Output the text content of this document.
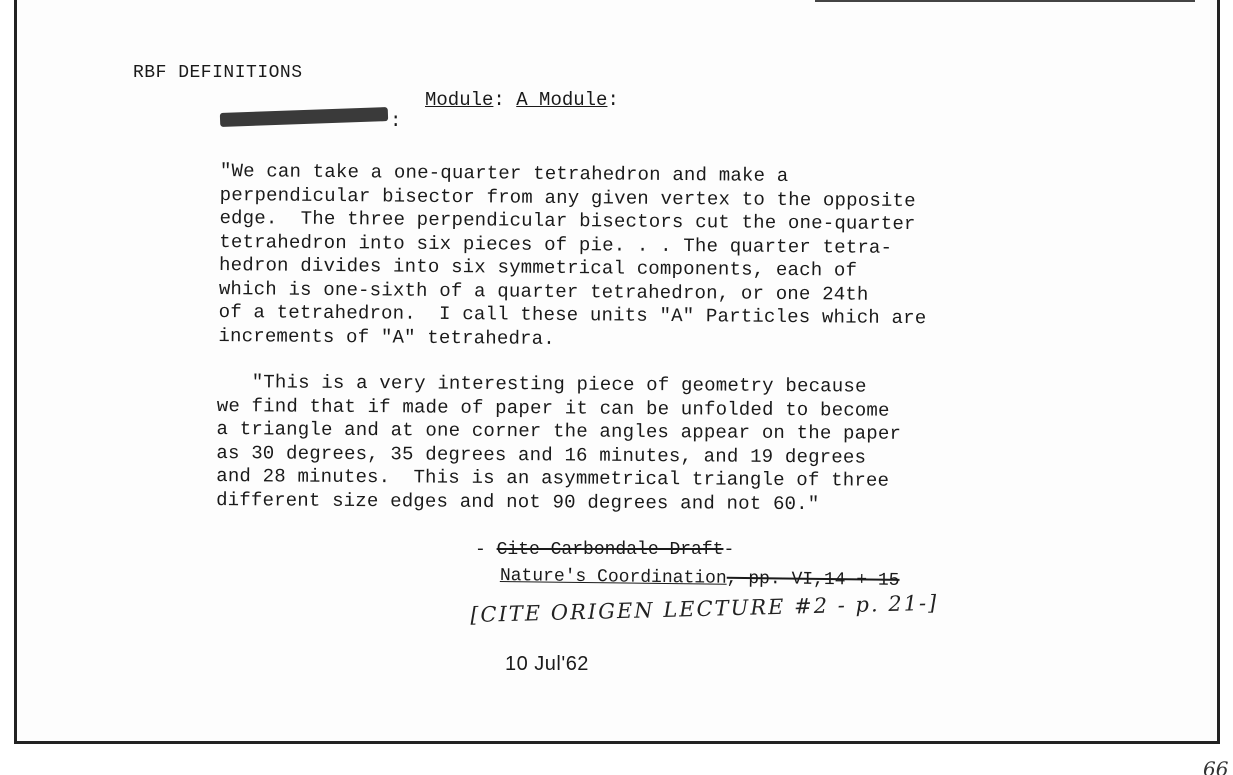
RBF DEFINITIONS
Module: A Module:
:
"We can take a one-quarter tetrahedron and make a
perpendicular bisector from any given vertex to the opposite
edge.  The three perpendicular bisectors cut the one-quarter
tetrahedron into six pieces of pie. . . The quarter tetra-
hedron divides into six symmetrical components, each of
which is one-sixth of a quarter tetrahedron, or one 24th
of a tetrahedron.  I call these units "A" Particles which are
increments of "A" tetrahedra.
"This is a very interesting piece of geometry because
we find that if made of paper it can be unfolded to become
a triangle and at one corner the angles appear on the paper
as 30 degrees, 35 degrees and 16 minutes, and 19 degrees
and 28 minutes.  This is an asymmetrical triangle of three
different size edges and not 90 degrees and not 60."
- Cite Carbondale Draft-
Nature's Coordination, pp. VI,14 + 15
[CITE ORIGEN LECTURE #2 - p. 21-]
10 Jul'62
66
